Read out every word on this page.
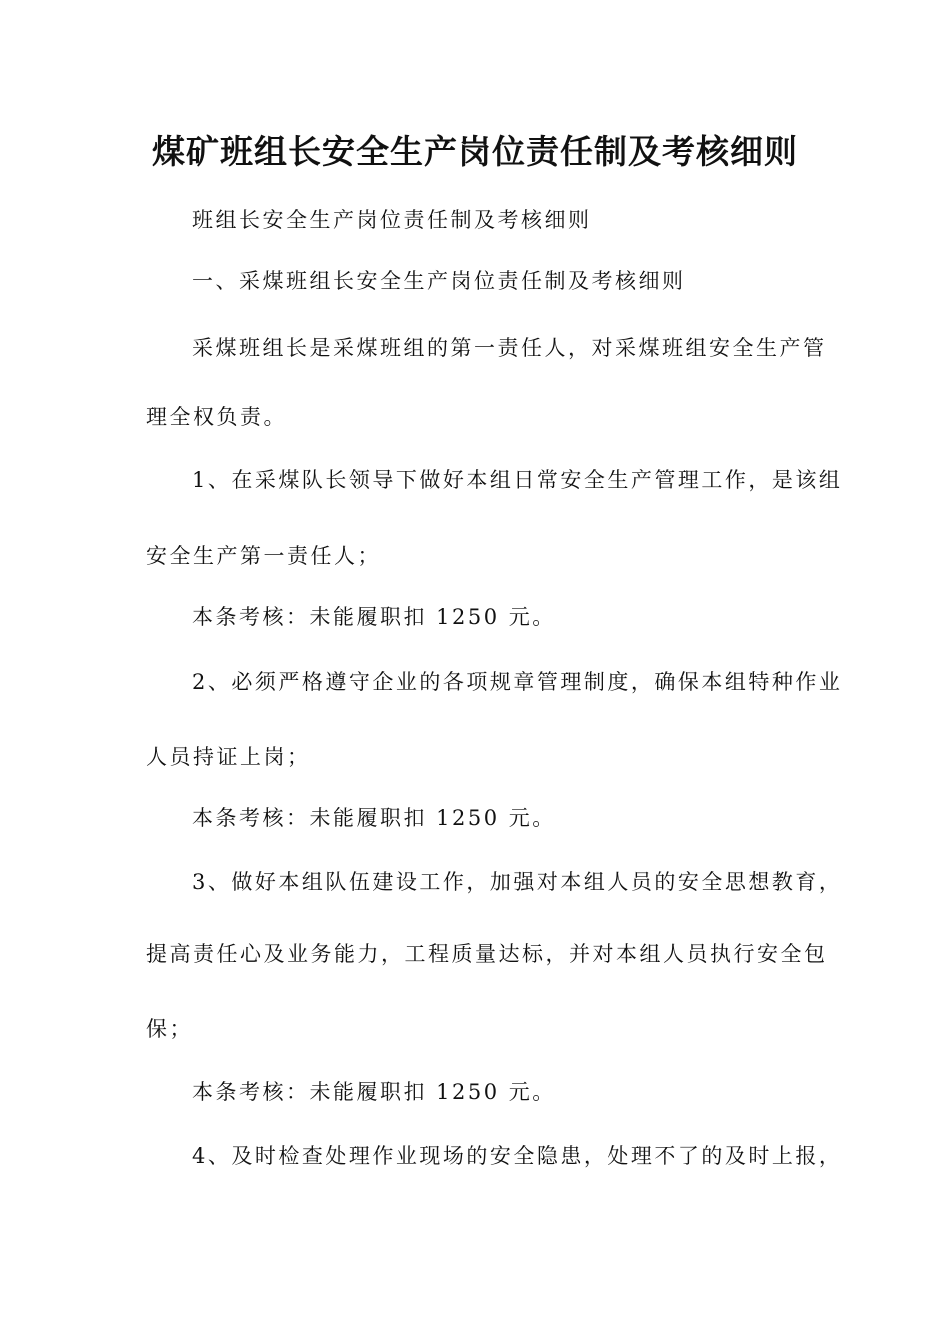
煤矿班组长安全生产岗位责任制及考核细则
班组长安全生产岗位责任制及考核细则
一、采煤班组长安全生产岗位责任制及考核细则
采煤班组长是采煤班组的第一责任人，对采煤班组安全生产管
理全权负责。
1、在采煤队长领导下做好本组日常安全生产管理工作，是该组
安全生产第一责任人；
本条考核：未能履职扣 1250 元。
2、必须严格遵守企业的各项规章管理制度，确保本组特种作业
人员持证上岗；
本条考核：未能履职扣 1250 元。
3、做好本组队伍建设工作，加强对本组人员的安全思想教育，
提高责任心及业务能力，工程质量达标，并对本组人员执行安全包
保；
本条考核：未能履职扣 1250 元。
4、及时检查处理作业现场的安全隐患，处理不了的及时上报，
